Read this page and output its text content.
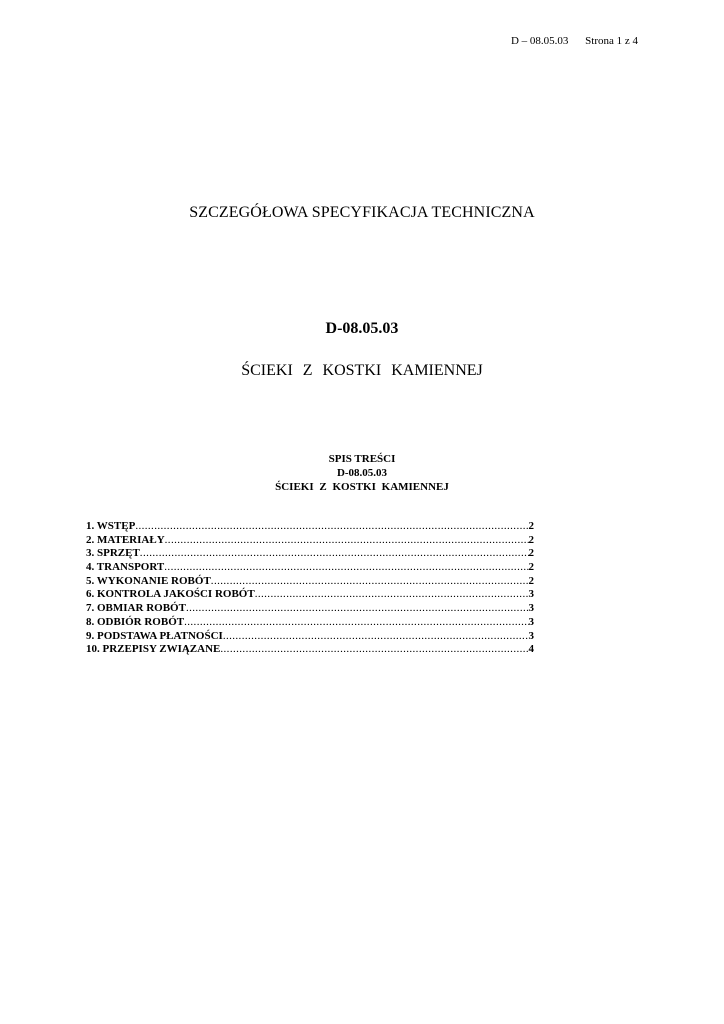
D – 08.05.03 Strona 1 z 4
SZCZEGÓŁOWA SPECYFIKACJA TECHNICZNA
D-08.05.03
ŚCIEKI Z KOSTKI KAMIENNEJ
SPIS TREŚCI
D-08.05.03
ŚCIEKI Z KOSTKI KAMIENNEJ
1. WSTĘP .....	2
2. MATERIAŁY .....	2
3. SPRZĘT .....	2
4. TRANSPORT .....	2
5. WYKONANIE ROBÓT .....	2
6. KONTROLA JAKOŚCI ROBÓT .....	3
7. OBMIAR ROBÓT .....	3
8. ODBIÓR ROBÓT .....	3
9. PODSTAWA PŁATNOŚCI .....	3
10. PRZEPISY ZWIĄZANE .....	4
